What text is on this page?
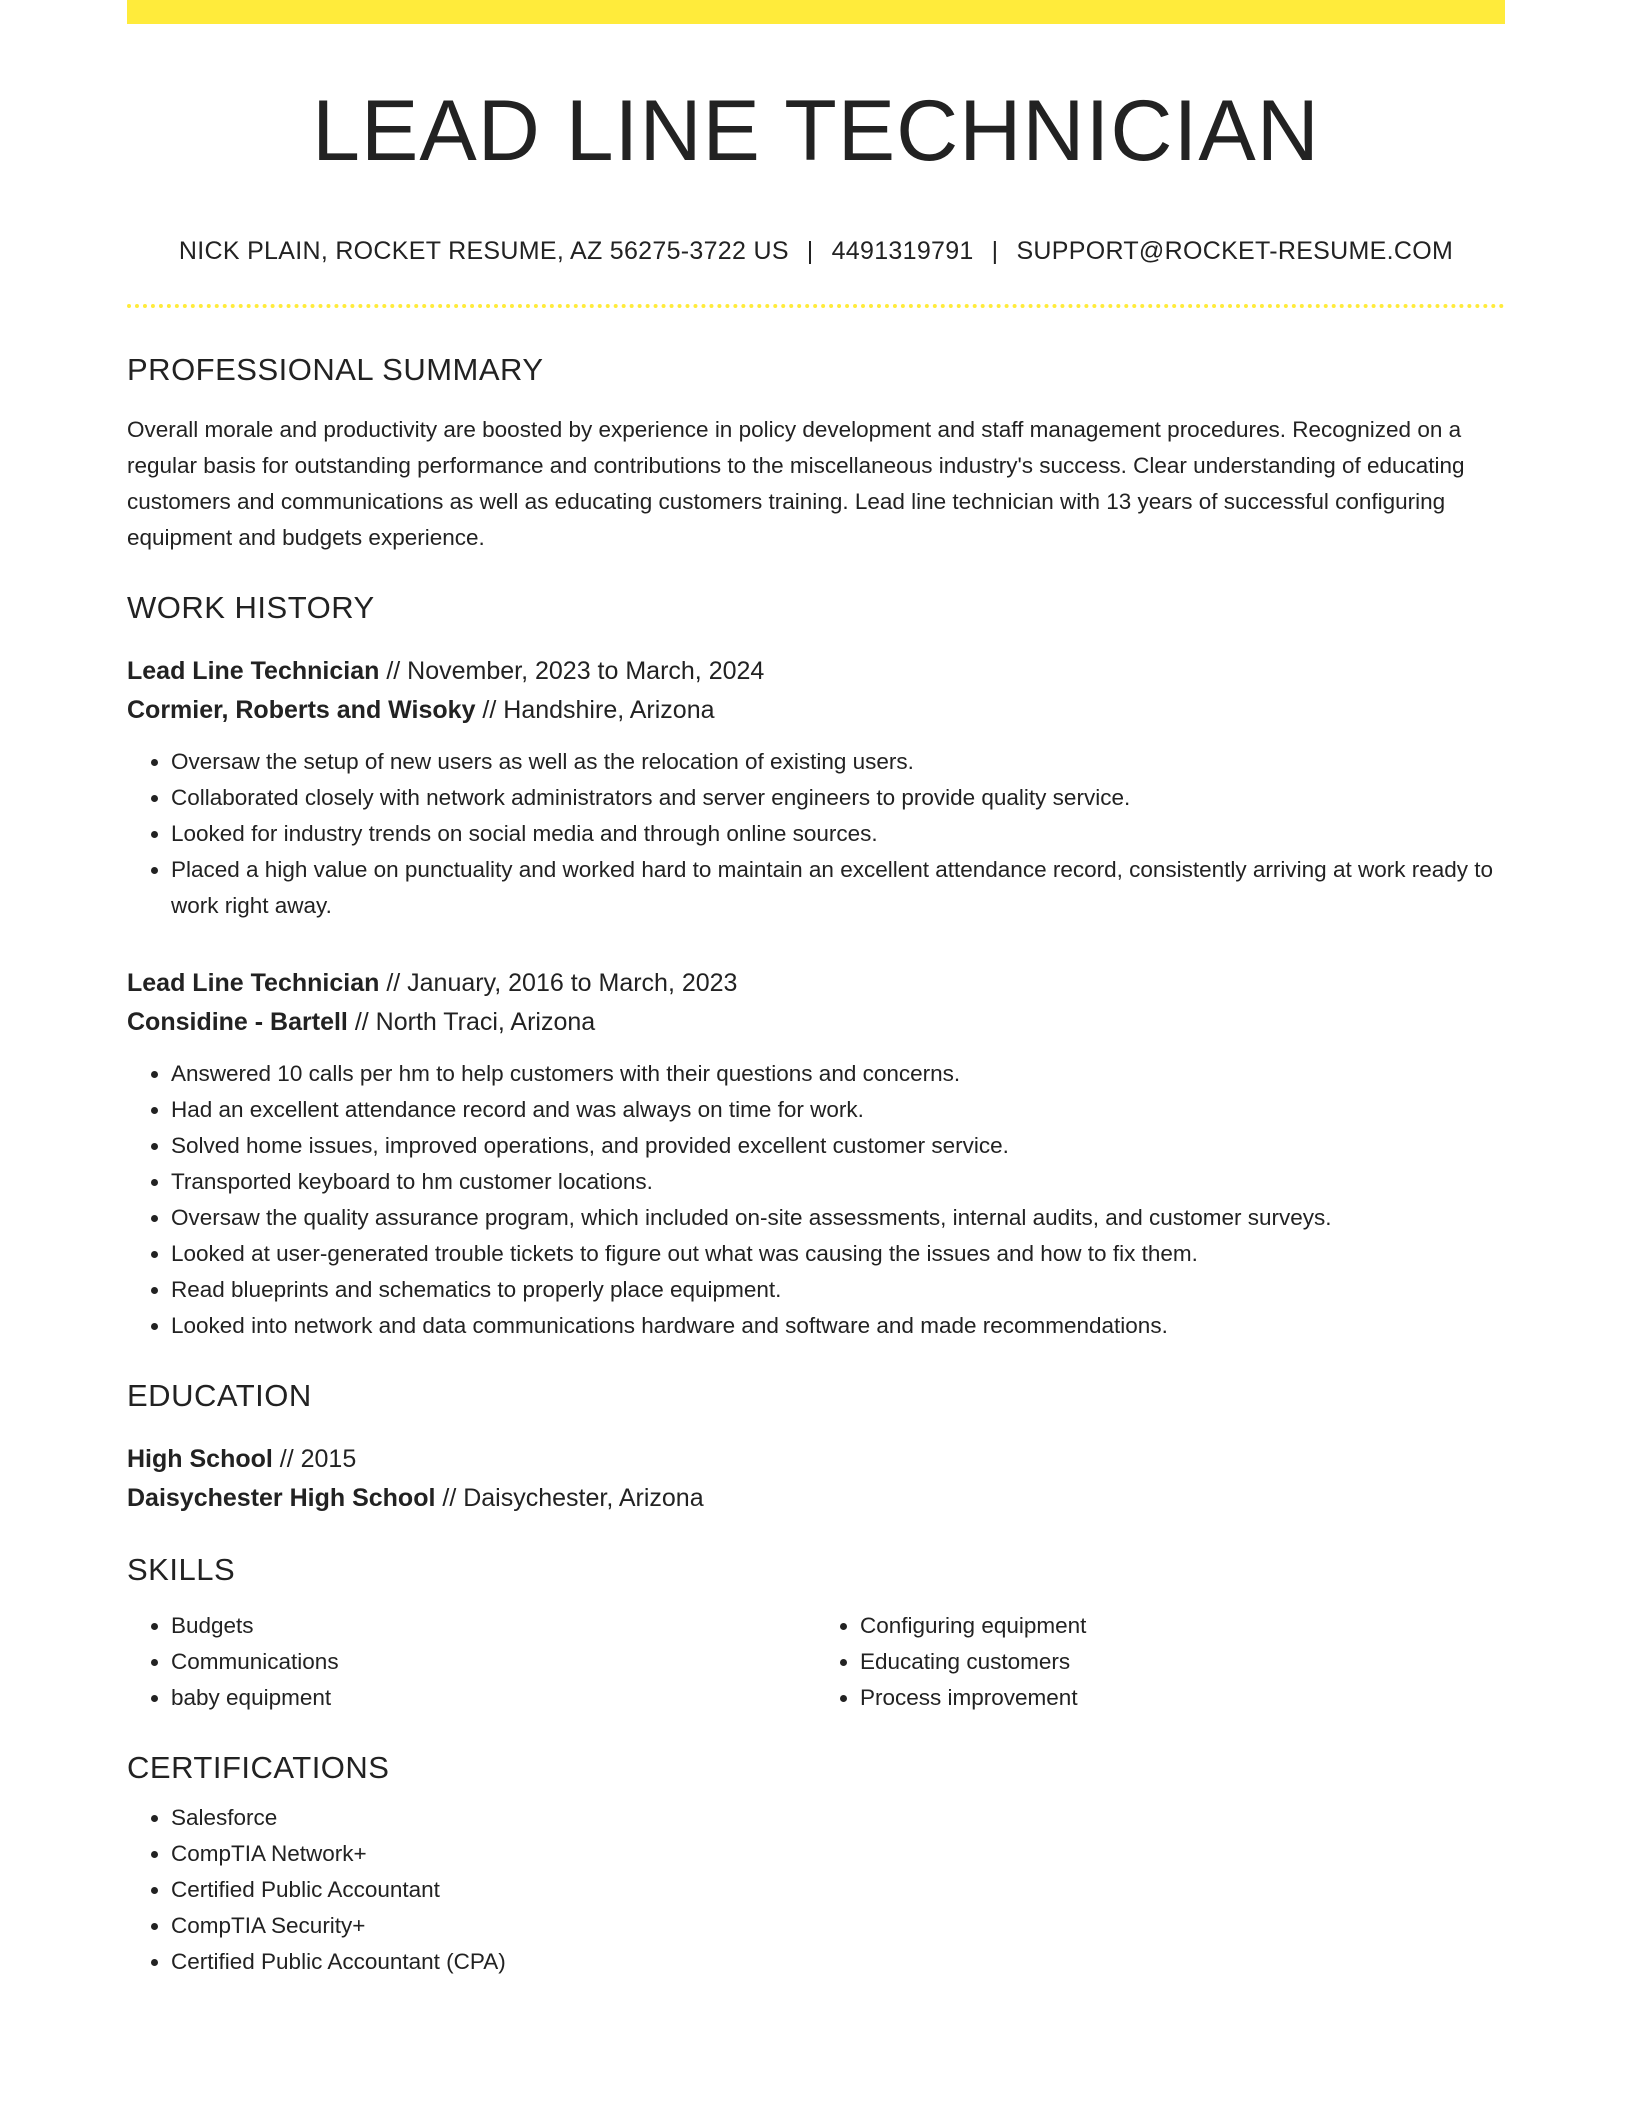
LEAD LINE TECHNICIAN
NICK PLAIN, ROCKET RESUME, AZ 56275-3722 US | 4491319791 | SUPPORT@ROCKET-RESUME.COM
PROFESSIONAL SUMMARY
Overall morale and productivity are boosted by experience in policy development and staff management procedures. Recognized on a regular basis for outstanding performance and contributions to the miscellaneous industry's success. Clear understanding of educating customers and communications as well as educating customers training. Lead line technician with 13 years of successful configuring equipment and budgets experience.
WORK HISTORY
Lead Line Technician // November, 2023 to March, 2024
Cormier, Roberts and Wisoky // Handshire, Arizona
• Oversaw the setup of new users as well as the relocation of existing users.
• Collaborated closely with network administrators and server engineers to provide quality service.
• Looked for industry trends on social media and through online sources.
• Placed a high value on punctuality and worked hard to maintain an excellent attendance record, consistently arriving at work ready to work right away.
Lead Line Technician // January, 2016 to March, 2023
Considine - Bartell // North Traci, Arizona
• Answered 10 calls per hm to help customers with their questions and concerns.
• Had an excellent attendance record and was always on time for work.
• Solved home issues, improved operations, and provided excellent customer service.
• Transported keyboard to hm customer locations.
• Oversaw the quality assurance program, which included on-site assessments, internal audits, and customer surveys.
• Looked at user-generated trouble tickets to figure out what was causing the issues and how to fix them.
• Read blueprints and schematics to properly place equipment.
• Looked into network and data communications hardware and software and made recommendations.
EDUCATION
High School // 2015
Daisychester High School // Daisychester, Arizona
SKILLS
• Budgets
• Communications
• baby equipment
• Configuring equipment
• Educating customers
• Process improvement
CERTIFICATIONS
• Salesforce
• CompTIA Network+
• Certified Public Accountant
• CompTIA Security+
• Certified Public Accountant (CPA)
